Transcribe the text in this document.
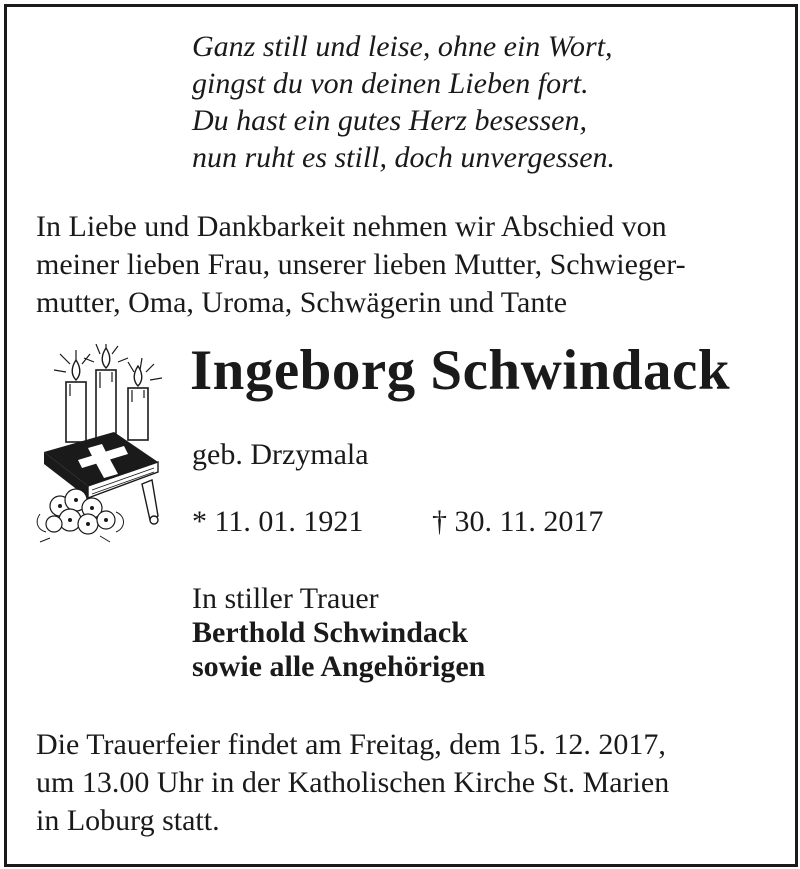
Ganz still und leise, ohne ein Wort,
gingst du von deinen Lieben fort.
Du hast ein gutes Herz besessen,
nun ruht es still, doch unvergessen.
In Liebe und Dankbarkeit nehmen wir Abschied von
meiner lieben Frau, unserer lieben Mutter, Schwieger-
mutter, Oma, Uroma, Schwägerin und Tante
Ingeborg Schwindack
geb. Drzymala
* 11. 01. 1921 † 30. 11. 2017
In stiller Trauer
Berthold Schwindack
sowie alle Angehörigen
Die Trauerfeier findet am Freitag, dem 15. 12. 2017,
um 13.00 Uhr in der Katholischen Kirche St. Marien
in Loburg statt.
